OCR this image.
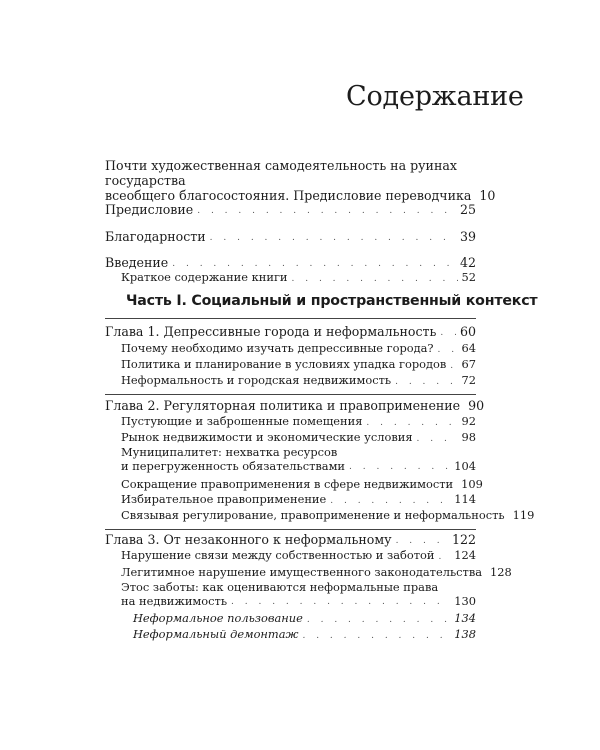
Содержание
Почти художественная самодеятельность на руинах государства
всеобщего благосостояния. Предисловие переводчика 10
Предисловие . . .	25
Благодарности . . .	39
Введение . . .	42
Краткое содержание книги . . .	52
Часть I. Социальный и пространственный контекст
Глава 1. Депрессивные города и неформальность . . . 60
Почему необходимо изучать депрессивные города? . . . 64
Политика и планирование в условиях упадка городов . . . 67
Неформальность и городская недвижимость . . .	72
Глава 2. Регуляторная политика и правоприменение 90
Пустующие и заброшенные помещения . . .	92
Рынок недвижимости и экономические условия . . .	98
Муниципалитет: нехватка ресурсов
и перегруженность обязательствами . . .	104
Сокращение правоприменения в сфере недвижимости 109
Избирательное правоприменение . . .	114
Связывая регулирование, правоприменение и неформальность 119
Глава 3. От незаконного к неформальному . . .	122
Нарушение связи между собственностью и заботой . . . 124
Легитимное нарушение имущественного законодательства 128
Этос заботы: как оцениваются неформальные права
на недвижимость . . .	130
Неформальное пользование . . .	134
Неформальный демонтаж . . .	138
